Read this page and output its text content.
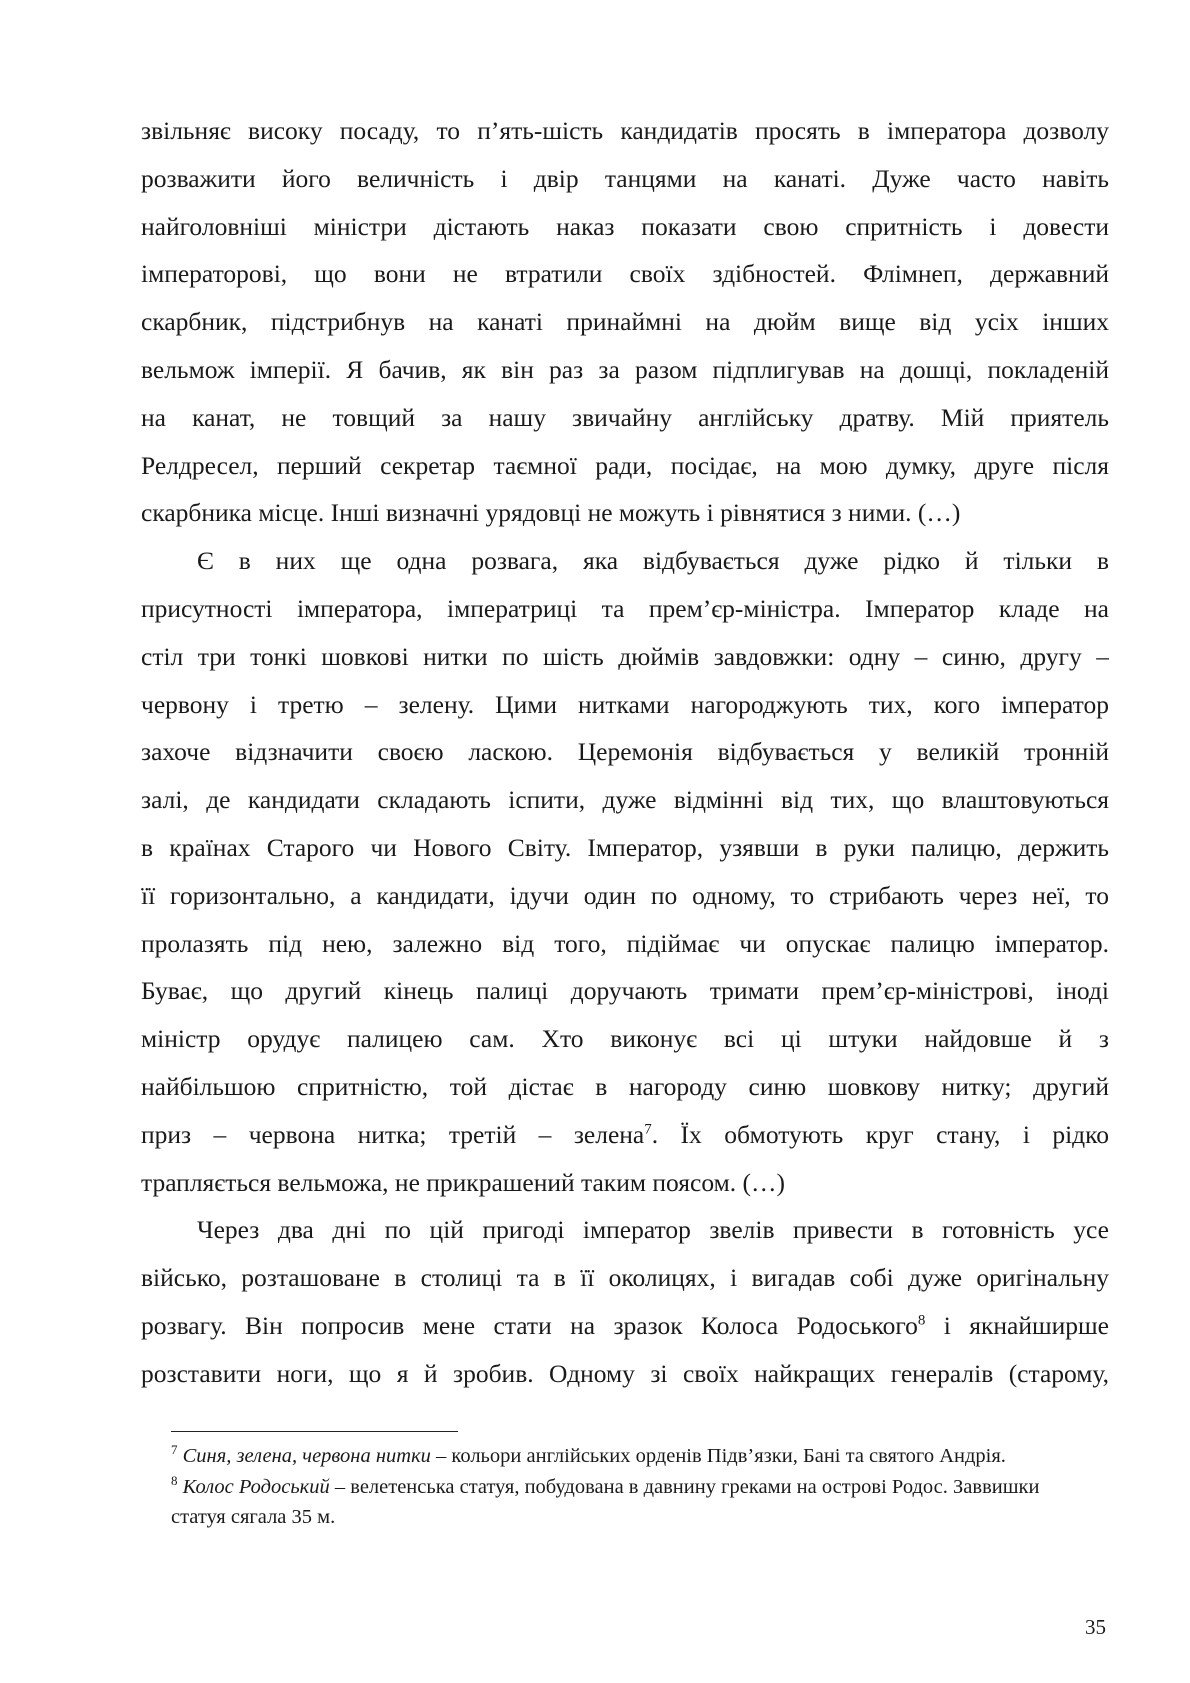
звільняє високу посаду, то п’ять-шість кандидатів просять в імператора дозволу
розважити його величність і двір танцями на канаті. Дуже часто навіть
найголовніші міністри дістають наказ показати свою спритність і довести
імператорові, що вони не втратили своїх здібностей. Флімнеп, державний
скарбник, підстрибнув на канаті принаймні на дюйм вище від усіх інших
вельмож імперії. Я бачив, як він раз за разом підплигував на дошці, покладеній
на канат, не товщий за нашу звичайну англійську дратву. Мій приятель
Релдресел, перший секретар таємної ради, посідає, на мою думку, друге після
скарбника місце. Інші визначні урядовці не можуть і рівнятися з ними. (…)
Є в них ще одна розвага, яка відбувається дуже рідко й тільки в
присутності імператора, імператриці та прем’єр-міністра. Імператор кладе на
стіл три тонкі шовкові нитки по шість дюймів завдовжки: одну – синю, другу –
червону і третю – зелену. Цими нитками нагороджують тих, кого імператор
захоче відзначити своєю ласкою. Церемонія відбувається у великій тронній
залі, де кандидати складають іспити, дуже відмінні від тих, що влаштовуються
в країнах Старого чи Нового Світу. Імператор, узявши в руки палицю, держить
її горизонтально, а кандидати, ідучи один по одному, то стрибають через неї, то
пролазять під нею, залежно від того, підіймає чи опускає палицю імператор.
Буває, що другий кінець палиці доручають тримати прем’єр-міністрові, іноді
міністр орудує палицею сам. Хто виконує всі ці штуки найдовше й з
найбільшою спритністю, той дістає в нагороду синю шовкову нитку; другий
приз – червона нитка; третій – зелена$^7$. Їх обмотують круг стану, і рідко
трапляється вельможа, не прикрашений таким поясом. (…)
Через два дні по цій пригоді імператор звелів привести в готовність усе
військо, розташоване в столиці та в її околицях, і вигадав собі дуже оригінальну
розвагу. Він попросив мене стати на зразок Колоса Родоського$^8$ і якнайширше
розставити ноги, що я й зробив. Одному зі своїх найкращих генералів (старому,

$^7$ Синя, зелена, червона нитки – кольори англійських орденів Підв’язки, Бані та святого Андрія.

$^8$ Колос Родоський – велетенська статуя, побудована в давнину греками на острові Родос. Заввишки статуя сягала 35 м.

35
